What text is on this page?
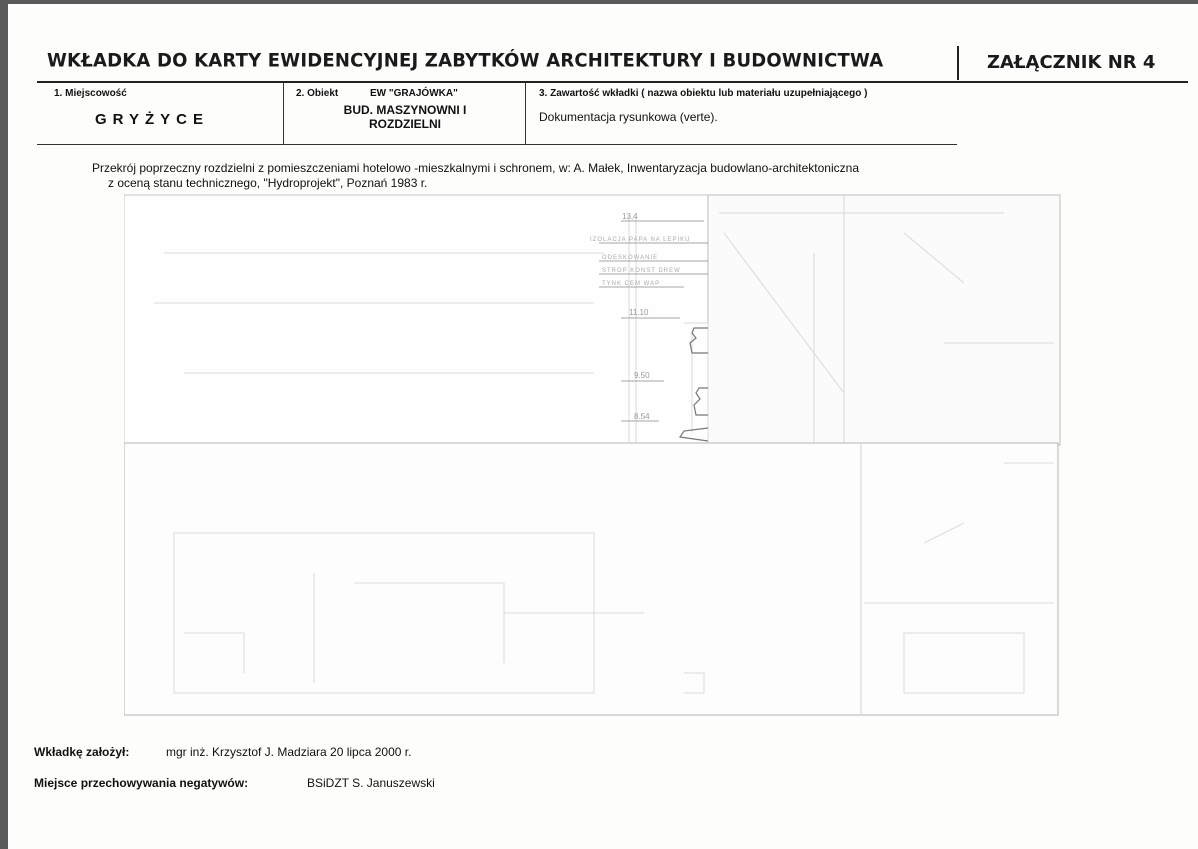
WKŁADKA DO KARTY EWIDENCYJNEJ ZABYTKÓW ARCHITEKTURY I BUDOWNICTWA	ZAŁĄCZNIK NR 4
1. Miejscowość
GRYŻYCE
2. Obiekt	EW "GRAJÓWKA"
BUD. MASZYNOWNI I
ROZDZIELNI
3. Zawartość wkładki ( nazwa obiektu lub materiału uzupełniającego )
Dokumentacja rysunkowa (verte).
Przekrój poprzeczny rozdzielni z pomieszczeniami hotelowo -mieszkalnymi i schronem, w: A. Małek, Inwentaryzacja budowlano-architektoniczna
z oceną stanu technicznego, "Hydroprojekt", Poznań 1983 r.
13,4
11.10
9.50
8.54
IZOLACJA PAPA NA LEPIKU
ODESKOWANIE
STROP KONST DREW
TYNK CEM WAP
Wkładkę założył:	mgr inż. Krzysztof J. Madziara 20 lipca 2000 r.
Miejsce przechowywania negatywów:	BSiDZT S. Januszewski
